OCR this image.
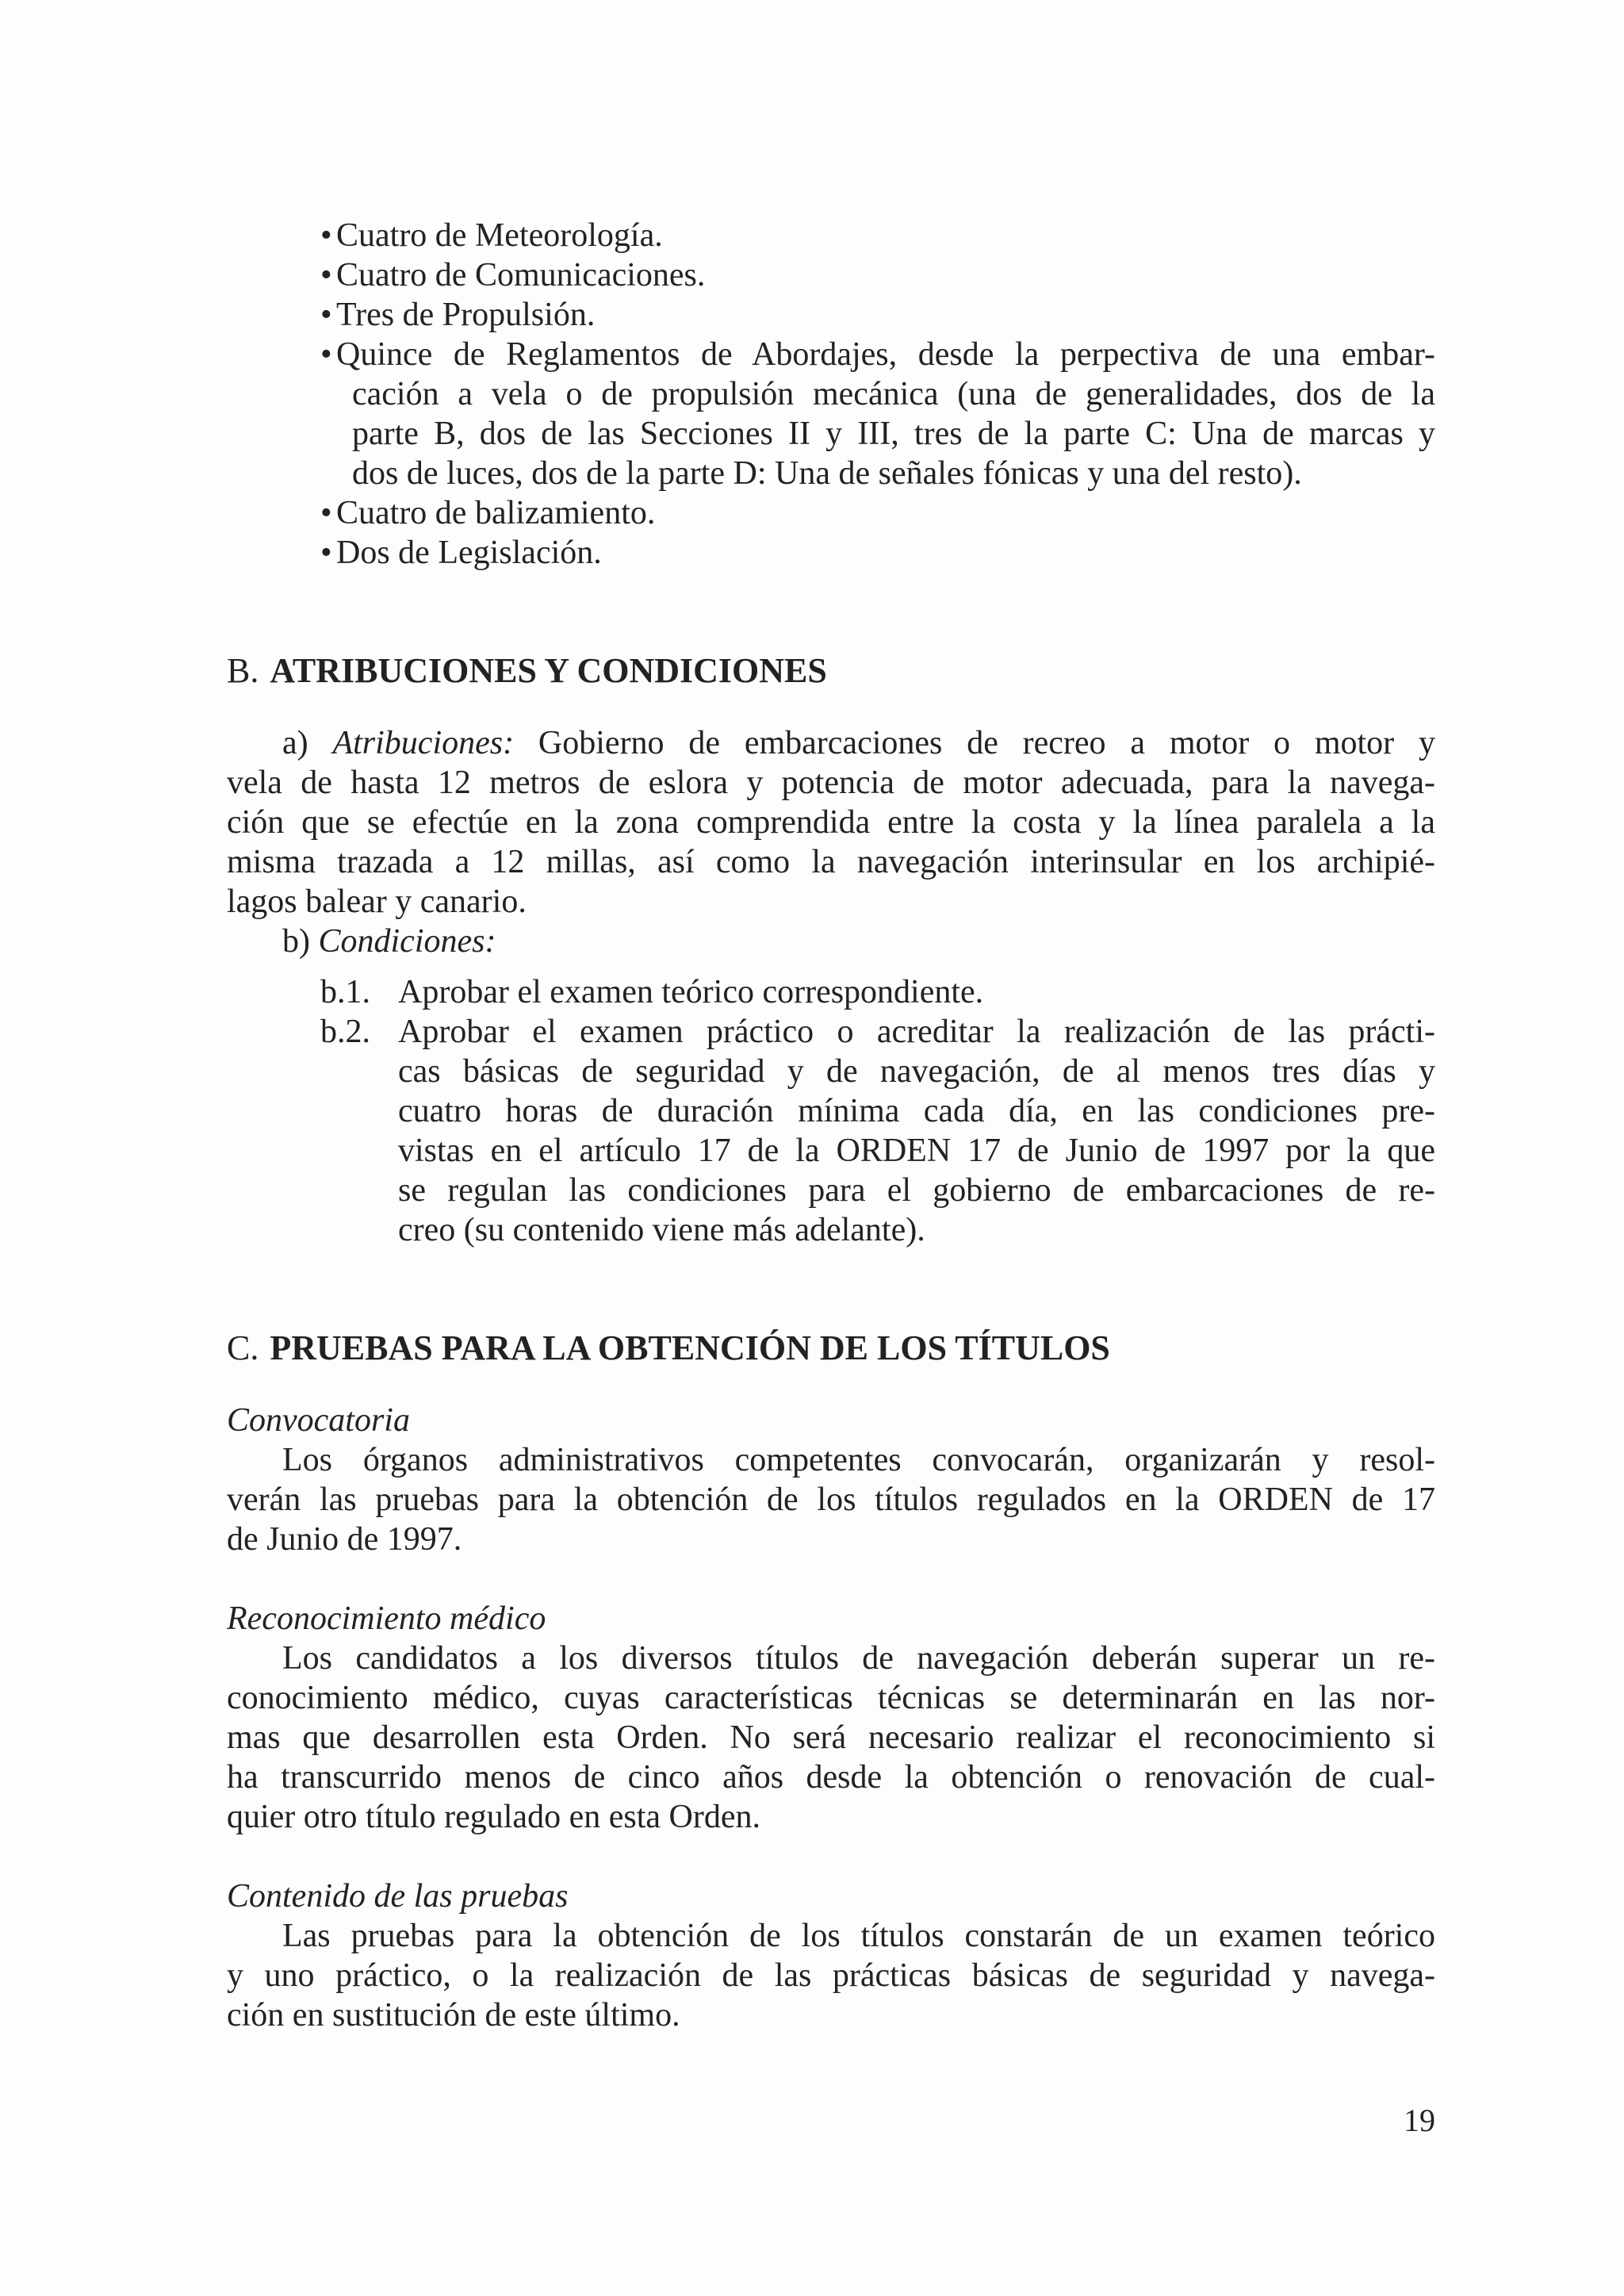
• Cuatro de Meteorología.

• Cuatro de Comunicaciones.

• Tres de Propulsión.

• Quince de Reglamentos de Abordajes, desde la perpectiva de una embar-

cación a vela o de propulsión mecánica (una de generalidades, dos de la

parte B, dos de las Secciones II y III, tres de la parte C: Una de marcas y

dos de luces, dos de la parte D: Una de señales fónicas y una del resto).

• Cuatro de balizamiento.

• Dos de Legislación.

B. ATRIBUCIONES Y CONDICIONES

a) Atribuciones: Gobierno de embarcaciones de recreo a motor o motor y

vela de hasta 12 metros de eslora y potencia de motor adecuada, para la navega-

ción que se efectúe en la zona comprendida entre la costa y la línea paralela a la

misma trazada a 12 millas, así como la navegación interinsular en los archipié-

lagos balear y canario.

b) Condiciones:

b.1. Aprobar el examen teórico correspondiente.

b.2. Aprobar el examen práctico o acreditar la realización de las prácti-

cas básicas de seguridad y de navegación, de al menos tres días y

cuatro horas de duración mínima cada día, en las condiciones pre-

vistas en el artículo 17 de la ORDEN 17 de Junio de 1997 por la que

se regulan las condiciones para el gobierno de embarcaciones de re-

creo (su contenido viene más adelante).

C. PRUEBAS PARA LA OBTENCIÓN DE LOS TÍTULOS

Convocatoria

Los órganos administrativos competentes convocarán, organizarán y resol-

verán las pruebas para la obtención de los títulos regulados en la ORDEN de 17

de Junio de 1997.

Reconocimiento médico

Los candidatos a los diversos títulos de navegación deberán superar un re-

conocimiento médico, cuyas características técnicas se determinarán en las nor-

mas que desarrollen esta Orden. No será necesario realizar el reconocimiento si

ha transcurrido menos de cinco años desde la obtención o renovación de cual-

quier otro título regulado en esta Orden.

Contenido de las pruebas

Las pruebas para la obtención de los títulos constarán de un examen teórico

y uno práctico, o la realización de las prácticas básicas de seguridad y navega-

ción en sustitución de este último.

19
